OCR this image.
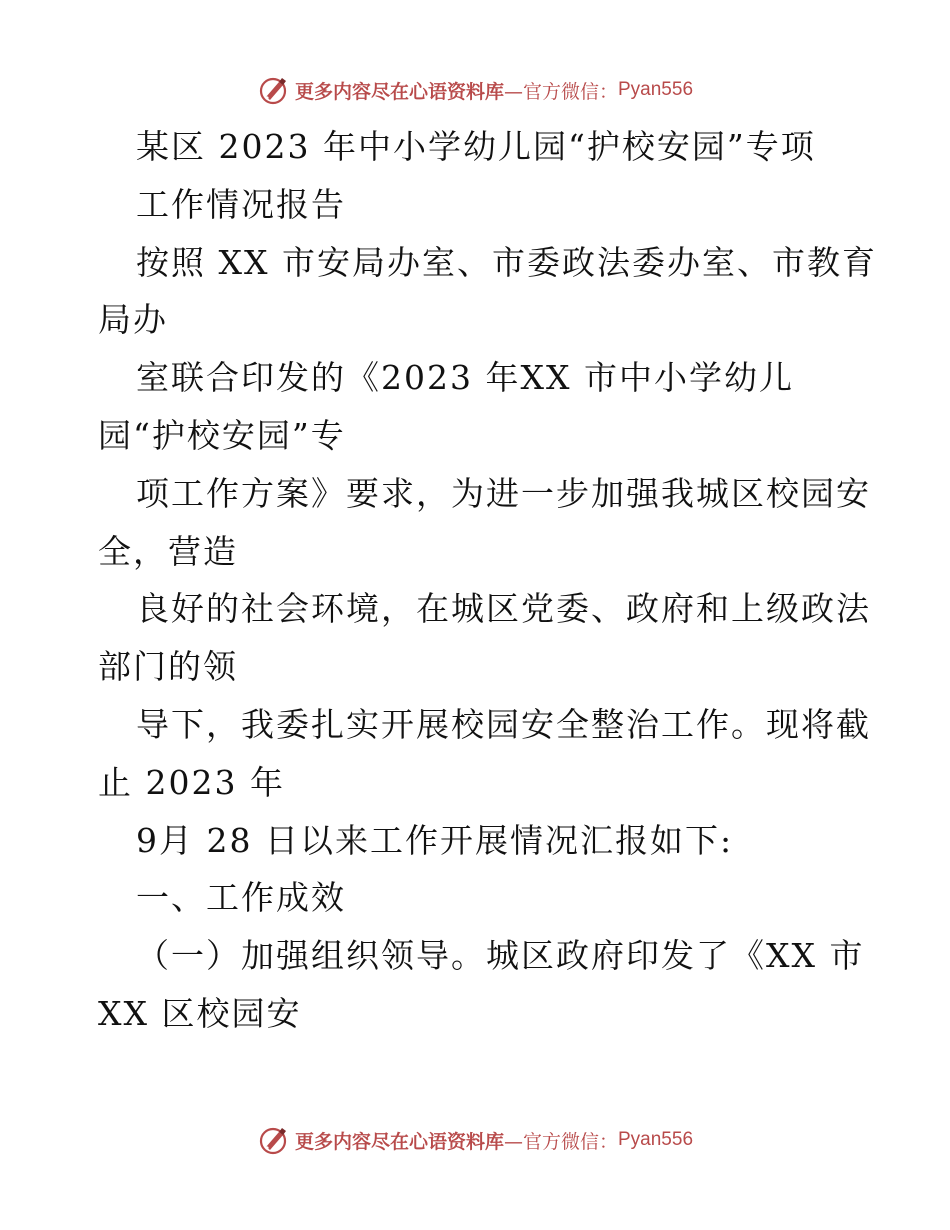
更多内容尽在心语资料库 —官方微信： Pyan556
某区 2023 年中小学幼儿园“护校安园”专项
工作情况报告
按照 XX 市安局办室、市委政法委办室、市教育
局办
室联合印发的《2023 年XX 市中小学幼儿
园“护校安园”专
项工作方案》要求，为进一步加强我城区校园安
全，营造
良好的社会环境，在城区党委、政府和上级政法
部门的领
导下，我委扎实开展校园安全整治工作。现将截
止 2023 年
9月 28 日以来工作开展情况汇报如下:
一、工作成效
（一）加强组织领导。城区政府印发了《XX 市
XX 区校园安
更多内容尽在心语资料库 —官方微信： Pyan556
